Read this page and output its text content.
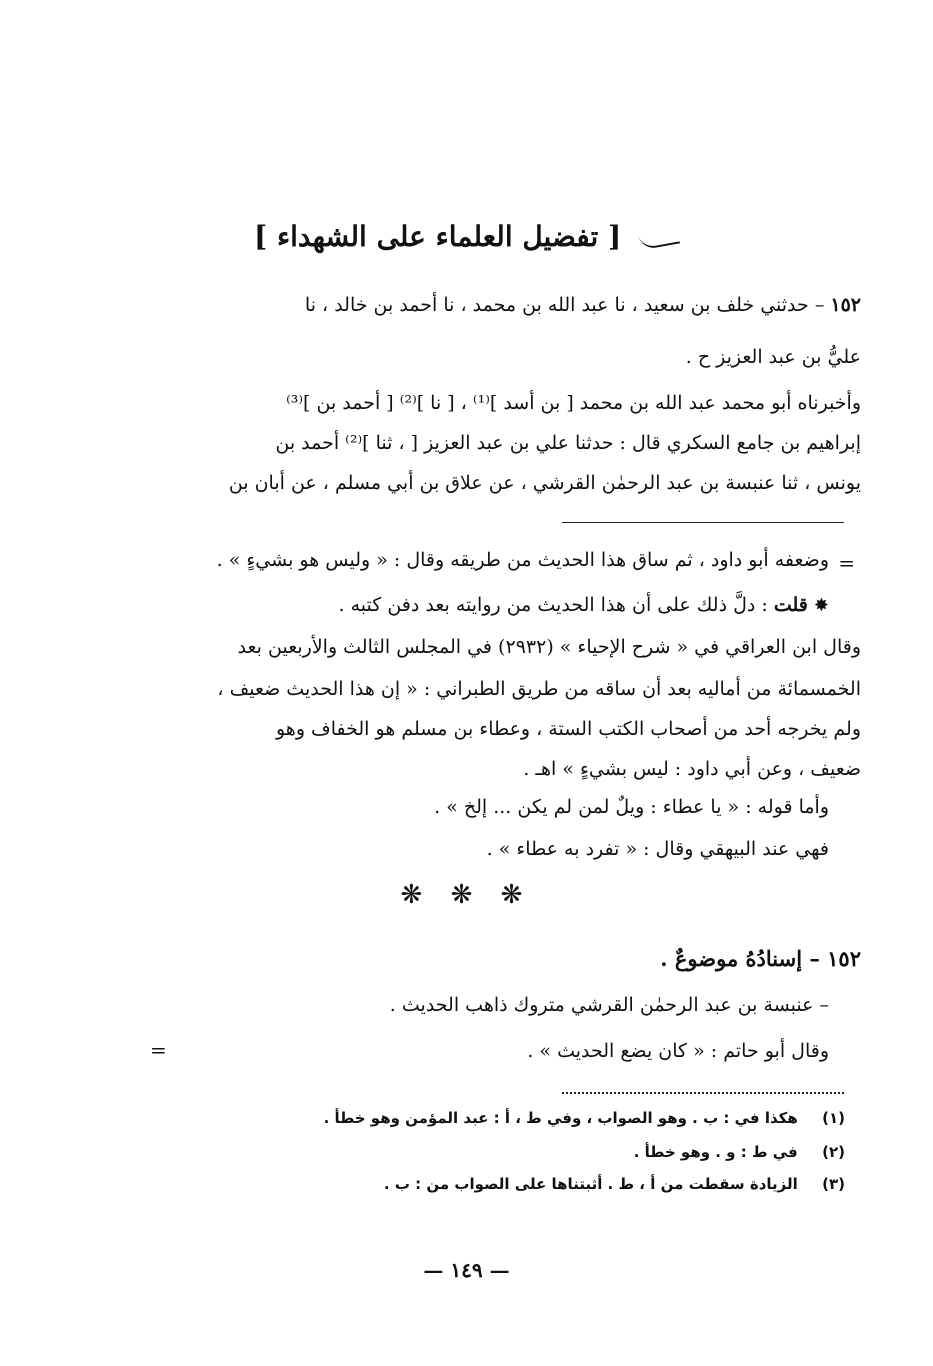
[ تفضيل العلماء على الشهداء ]
١٥٢ – حدثني خلف بن سعيد ، نا عبد الله بن محمد ، نا أحمد بن خالد ، نا
عليُّ بن عبد العزيز ح .
وأخبرناه أبو محمد عبد الله بن محمد [ بن أسد ]⁽¹⁾ ، [ نا ]⁽²⁾ [ أحمد بن ]⁽³⁾
إبراهيم بن جامع السكري قال : حدثنا علي بن عبد العزيز [ ، ثنا ]⁽²⁾ أحمد بن
يونس ، ثنا عنبسة بن عبد الرحمٰن القرشي ، عن علاق بن أبي مسلم ، عن أبان بن
=
وضعفه أبو داود ، ثم ساق هذا الحديث من طريقه وقال : « وليس هو بشيءٍ » .
✸ قلت : دلَّ ذلك على أن هذا الحديث من روايته بعد دفن كتبه .
وقال ابن العراقي في « شرح الإحياء » (٢٩٣٢) في المجلس الثالث والأربعين بعد
الخمسمائة من أماليه بعد أن ساقه من طريق الطبراني : « إن هذا الحديث ضعيف ،
ولم يخرجه أحد من أصحاب الكتب الستة ، وعطاء بن مسلم هو الخفاف وهو
ضعيف ، وعن أبي داود : ليس بشيءٍ » اهـ .
وأما قوله : « يا عطاء : ويلٌ لمن لم يكن ... إلخ » .
فهي عند البيهقي وقال : « تفرد به عطاء » .
❋ ❋ ❋
١٥٢ – إسنادُهُ موضوعٌ .
– عنبسة بن عبد الرحمٰن القرشي متروك ذاهب الحديث .
وقال أبو حاتم : « كان يضع الحديث » .
=
(١) هكذا في : ب . وهو الصواب ، وفي ط ، أ : عبد المؤمن وهو خطأ .
(٢) في ط : و . وهو خطأ .
(٣) الزيادة سقطت من أ ، ط . أثبتناها على الصواب من : ب .
— ١٤٩ —
